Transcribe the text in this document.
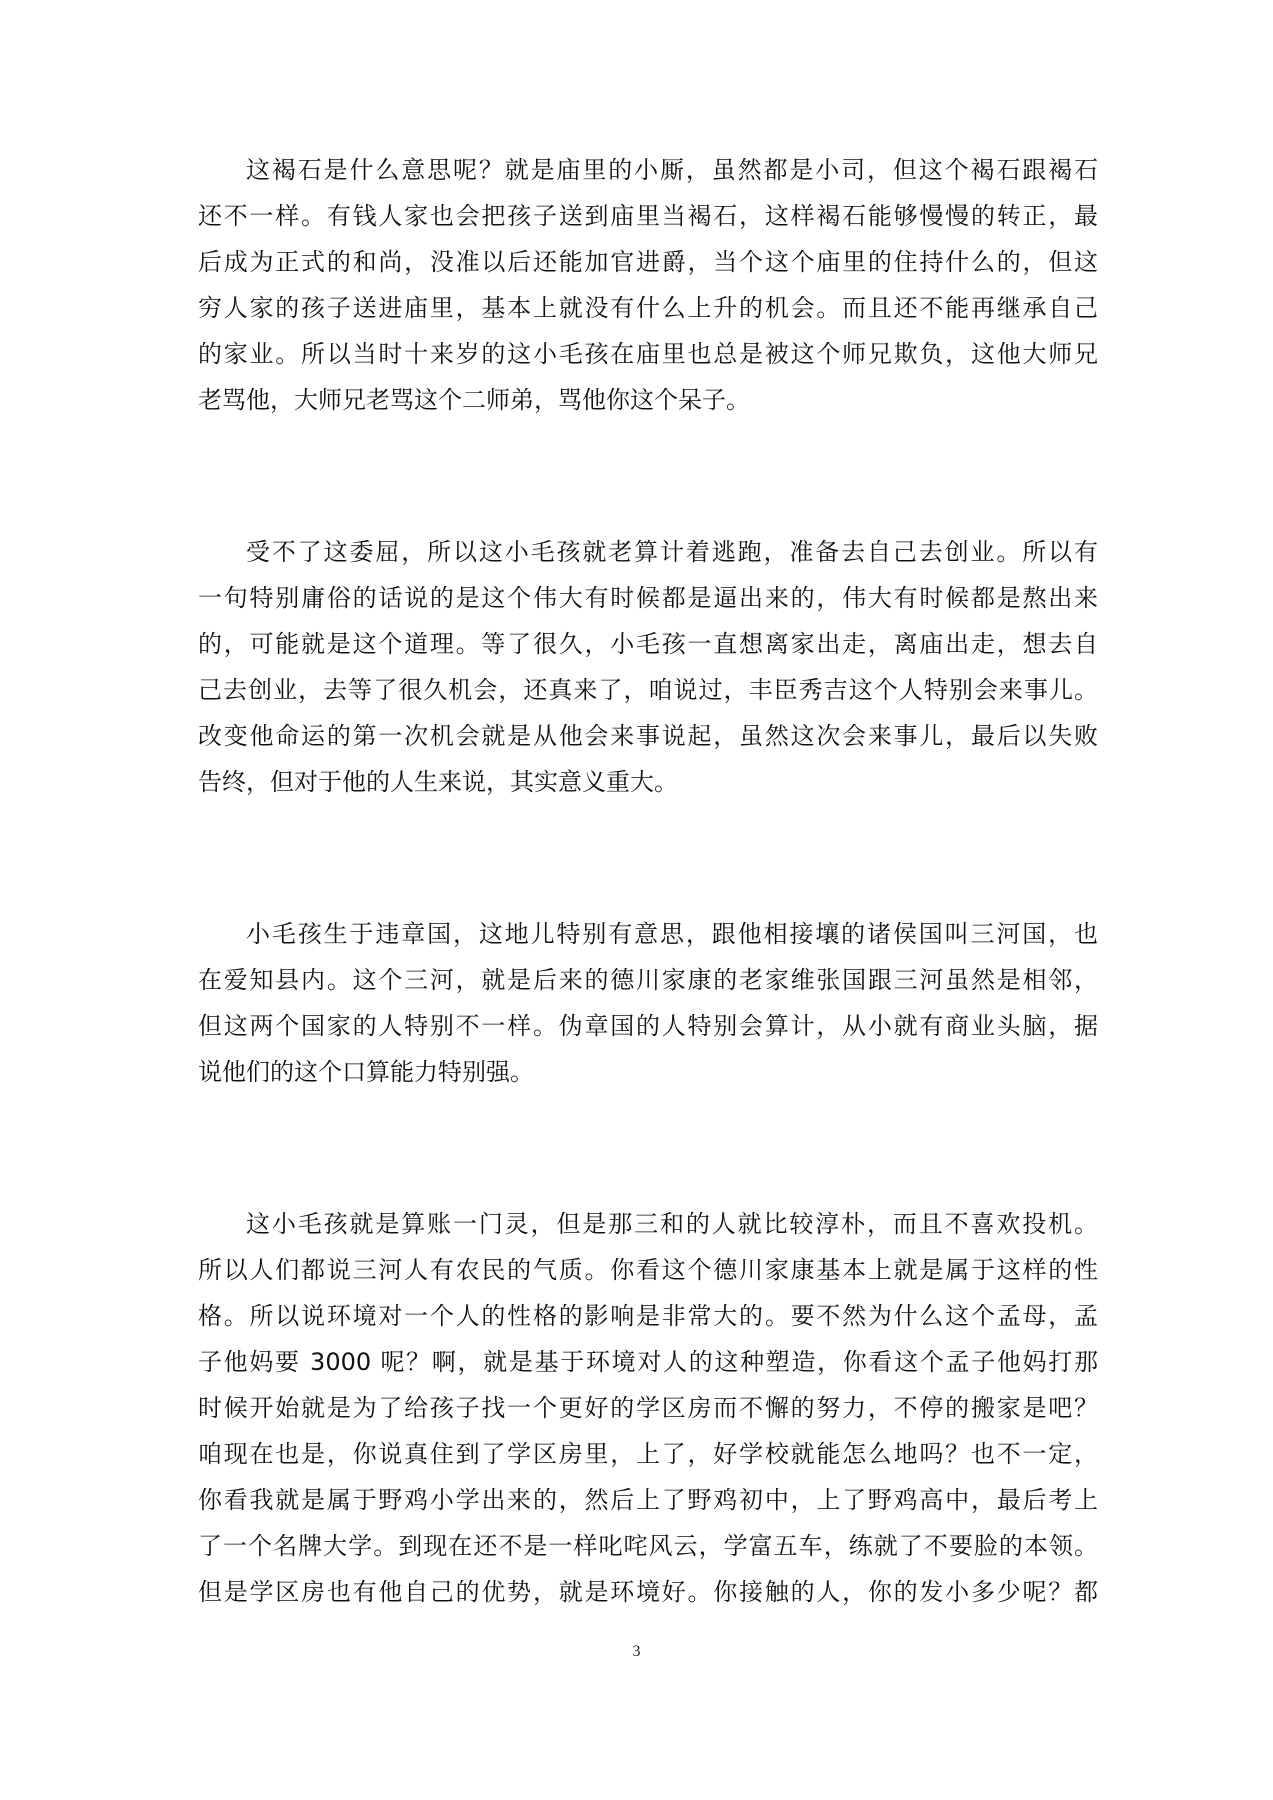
这褐石是什么意思呢？就是庙里的小厮，虽然都是小司，但这个褐石跟褐石
还不一样。有钱人家也会把孩子送到庙里当褐石，这样褐石能够慢慢的转正，最
后成为正式的和尚，没准以后还能加官进爵，当个这个庙里的住持什么的，但这
穷人家的孩子送进庙里，基本上就没有什么上升的机会。而且还不能再继承自己
的家业。所以当时十来岁的这小毛孩在庙里也总是被这个师兄欺负，这他大师兄
老骂他，大师兄老骂这个二师弟，骂他你这个呆子。

受不了这委屈，所以这小毛孩就老算计着逃跑，准备去自己去创业。所以有
一句特别庸俗的话说的是这个伟大有时候都是逼出来的，伟大有时候都是熬出来
的，可能就是这个道理。等了很久，小毛孩一直想离家出走，离庙出走，想去自
己去创业，去等了很久机会，还真来了，咱说过，丰臣秀吉这个人特别会来事儿。
改变他命运的第一次机会就是从他会来事说起，虽然这次会来事儿，最后以失败
告终，但对于他的人生来说，其实意义重大。

小毛孩生于违章国，这地儿特别有意思，跟他相接壤的诸侯国叫三河国，也
在爱知县内。这个三河，就是后来的德川家康的老家维张国跟三河虽然是相邻，
但这两个国家的人特别不一样。伪章国的人特别会算计，从小就有商业头脑，据
说他们的这个口算能力特别强。

这小毛孩就是算账一门灵，但是那三和的人就比较淳朴，而且不喜欢投机。
所以人们都说三河人有农民的气质。你看这个德川家康基本上就是属于这样的性
格。所以说环境对一个人的性格的影响是非常大的。要不然为什么这个孟母，孟
子他妈要 3000 呢？啊，就是基于环境对人的这种塑造，你看这个孟子他妈打那
时候开始就是为了给孩子找一个更好的学区房而不懈的努力，不停的搬家是吧？
咱现在也是，你说真住到了学区房里，上了，好学校就能怎么地吗？也不一定，
你看我就是属于野鸡小学出来的，然后上了野鸡初中，上了野鸡高中，最后考上
了一个名牌大学。到现在还不是一样叱咤风云，学富五车，练就了不要脸的本领。
但是学区房也有他自己的优势，就是环境好。你接触的人，你的发小多少呢？都

3
